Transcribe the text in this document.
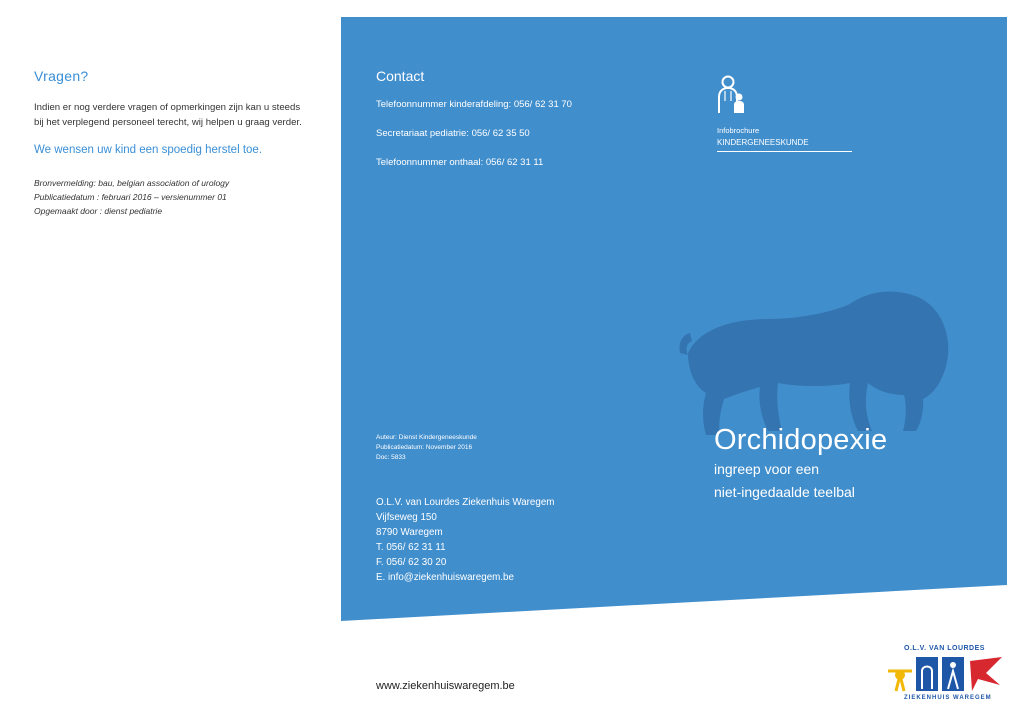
Vragen?

Indien er nog verdere vragen of opmerkingen zijn kan u steeds bij het verplegend personeel terecht, wij helpen u graag verder.

We wensen uw kind een spoedig herstel toe.

Bronvermelding: bau, belgian association of urology

Publicatiedatum : februari 2016 – versienummer 01

Opgemaakt door : dienst pediatrie

Contact
Telefoonnummer kinderafdeling: 056/ 62 31 70
Secretariaat pediatrie: 056/ 62 35 50
Telefoonnummer onthaal: 056/ 62 31 11
Infobrochure
KINDERGENEESKUNDE
Auteur: Dienst Kindergeneeskunde
Publicatiedatum: November 2016
Doc: 5833
O.L.V. van Lourdes Ziekenhuis Waregem
Vijfseweg 150
8790 Waregem
T. 056/ 62 31 11
F. 056/ 62 30 20
E. info@ziekenhuiswaregem.be
Orchidopexie
ingreep voor een
niet-ingedaalde teelbal
www.ziekenhuiswaregem.be
O.L.V. VAN LOURDES
ZIEKENHUIS WAREGEM
